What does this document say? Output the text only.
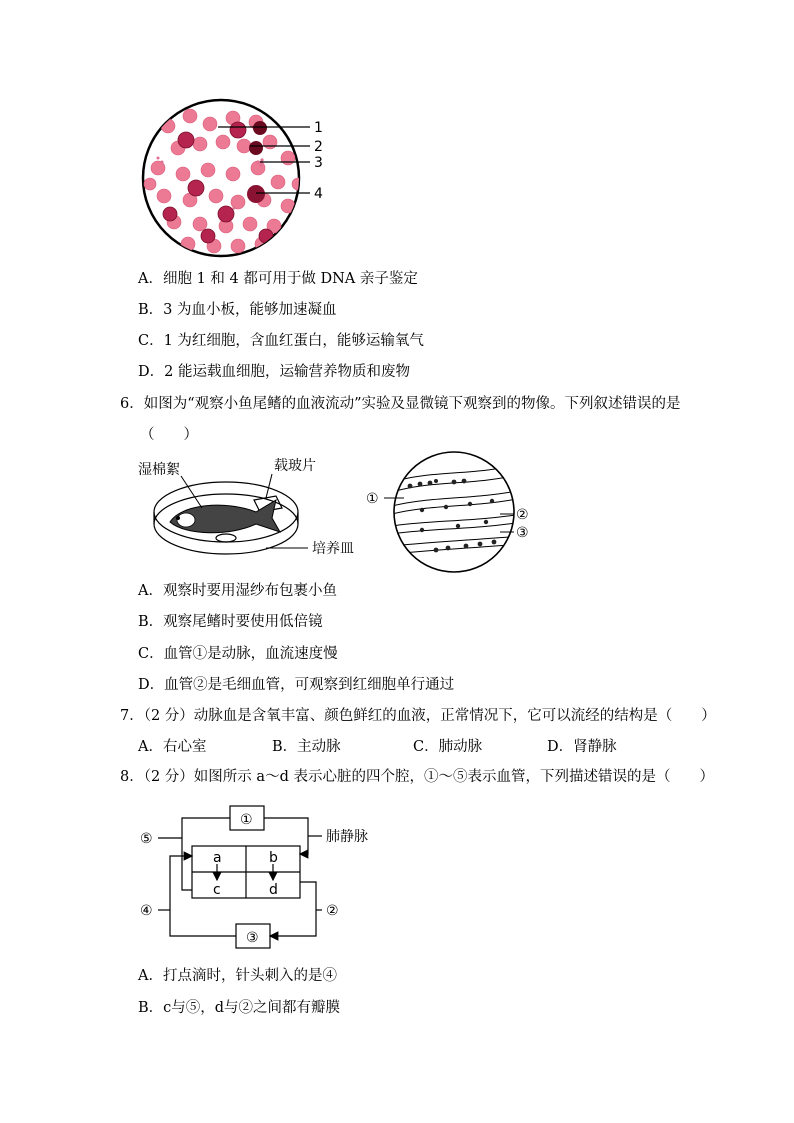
1
2
3
4
A．细胞 1 和 4 都可用于做 DNA 亲子鉴定
B．3 为血小板，能够加速凝血
C．1 为红细胞，含血红蛋白，能够运输氧气
D．2 能运载血细胞，运输营养物质和废物
6．如图为“观察小鱼尾鳍的血液流动”实验及显微镜下观察到的物像。下列叙述错误的是
（　　）
湿棉絮	载玻片
培养皿
①
②
③
A．观察时要用湿纱布包裹小鱼
B．观察尾鳍时要使用低倍镜
C．血管①是动脉，血流速度慢
D．血管②是毛细血管，可观察到红细胞单行通过
7．（2 分）动脉血是含氧丰富、颜色鲜红的血液，正常情况下，它可以流经的结构是（　　）
A．右心室	B．主动脉	C．肺动脉	D．肾静脉
8．（2 分）如图所示 a～d 表示心脏的四个腔，①～⑤表示血管，下列描述错误的是（　　）
①
③
⑤
④	②
肺静脉
a	b
c	d
A．打点滴时，针头刺入的是④
B．c与⑤，d与②之间都有瓣膜
